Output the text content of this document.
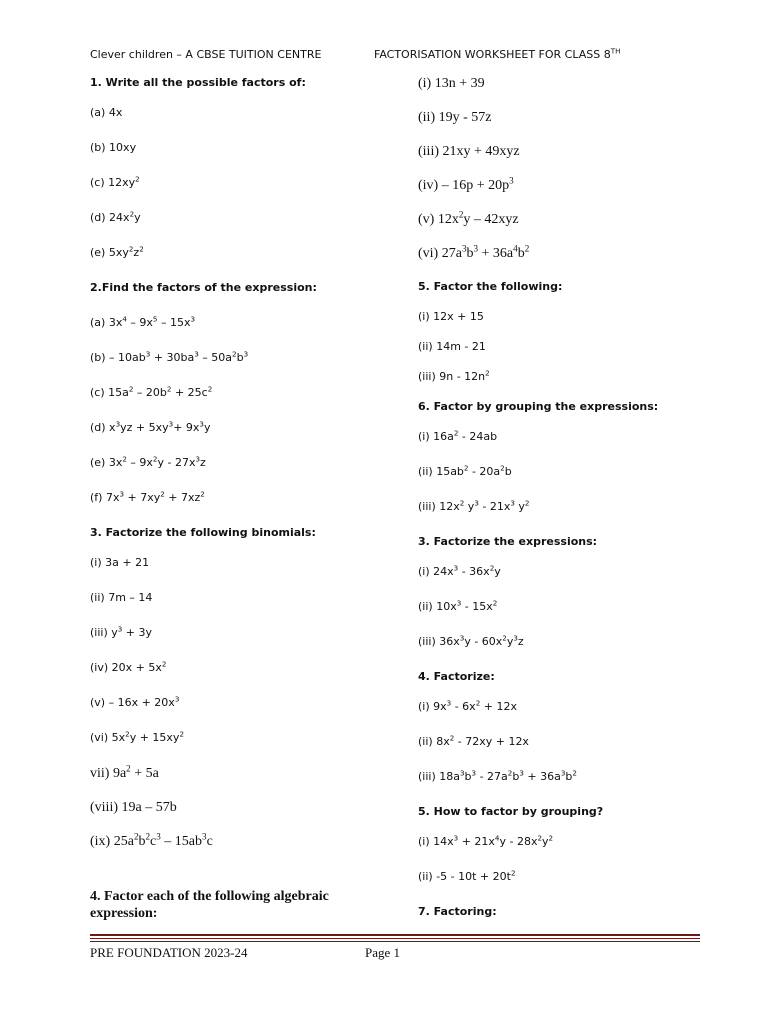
Clever children – A CBSE TUITION CENTRE	FACTORISATION WORKSHEET FOR CLASS 8TH
1. Write all the possible factors of:
(a) 4x
(b) 10xy
(c) $12xy^2$
(d) $24x^2y$
(e) $5xy^2z^2$
2.Find the factors of the expression:
(a) $3x^4 - 9x^5 - 15x^3$
$(b) - 10ab^3 + 30ba^3 - 50a^2b^3$
(c) $15a^2 - 20b^2 + 25c^2$
(d) $x^3yz + 5xy^3+ 9x^3y$
(e) $3x^2 - 9x^2y - 27x^3z$
(f) $7x^3 + 7xy^2 + 7xz^2$
3. Factorize the following binomials:
(i) 3a + 21
(ii) 7m – 14
(iii) $y^3 + 3y$
(iv) $20x + 5x^2$
$(v) - 16x + 20x^3$
(vi) $5x^2y + 15xy^2$
vii) $9a^2 + 5a$
(viii) 19a – 57b
(ix) $25a^2b^2c^3 - 15ab^3c$
4. Factor each of the following algebraic expression:
(i) 13n + 39
(ii) 19y - 57z
(iii) 21xy + 49xyz
$(iv) - 16p + 20p^3$
(v) $12x^2y - 42xyz$
(vi) $27a^3b^3 + 36a^4b^2$
5. Factor the following:
(i) 12x + 15
(ii) 14m - 21
(iii) $9n - 12n^2$
6. Factor by grouping the expressions:
(i) $16a^2 - 24ab$
(ii) $15ab^2 - 20a^2b$
(iii) $12x^2$ $y^3 - 21x^3$ $y^2$
3. Factorize the expressions:
(i) $24x^3 - 36x^2y$
(ii) $10x^3 - 15x^2$
(iii) $36x^3y - 60x^2y^3z$
4. Factorize:
(i) $9x^3 - 6x^2 + 12x$
(ii) $8x^2 - 72xy + 12x$
(iii) $18a^3b^3 - 27a^2b^3 + 36a^3b^2$
5. How to factor by grouping?
(i) $14x^3 + 21x^4y - 28x^2y^2$
(ii) $-5 - 10t + 20t^2$
7. Factoring:
PRE FOUNDATION 2023-24	Page 1
